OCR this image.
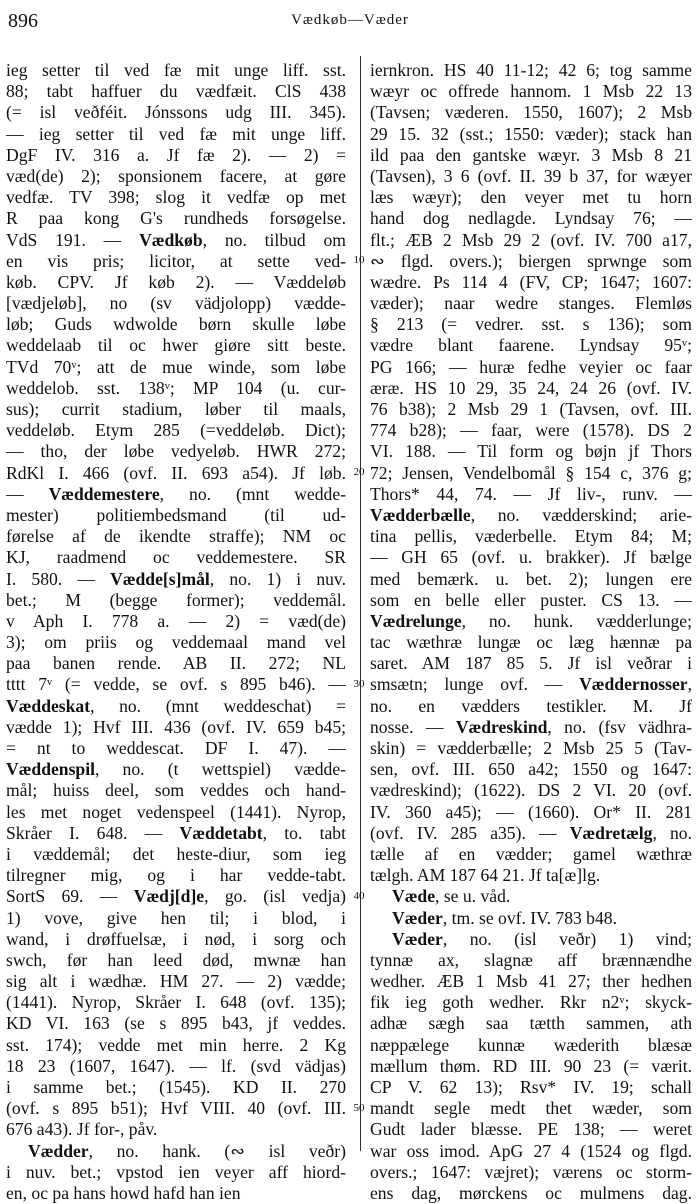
896	Vædkøb—Væder
10
20
30
40
50
ieg setter til ved fæ mit unge liff. sst.
88; tabt haffuer du vædfæit. ClS 438
(= isl veðféit. Jónssons udg III. 345).
— ieg setter til ved fæ mit unge liff.
DgF IV. 316 a. Jf fæ 2). — 2) =
væd(de) 2); sponsionem facere, at gøre
vedfæ. TV 398; slog it vedfæ op met
R paa kong G's rundheds forsøgelse.
VdS 191. — Vædkøb, no. tilbud om
en vis pris; licitor, at sette ved-
køb. CPV. Jf køb 2). — Væddeløb
[vædjeløb], no (sv vädjolopp) vædde-
løb; Guds wdwolde børn skulle løbe
weddelaab til oc hwer giøre sitt beste.
TVd 70ᵛ; att de mue winde, som løbe
weddelob. sst. 138ᵛ; MP 104 (u. cur-
sus); currit stadium, løber til maals,
veddeløb. Etym 285 (=veddeløb. Dict);
— tho, der løbe vedyeløb. HWR 272;
RdKl I. 466 (ovf. II. 693 a54). Jf løb.
— Væddemestere, no. (mnt wedde-
mester) politiembedsmand (til ud-
førelse af de ikendte straffe); NM oc
KJ, raadmend oc veddemestere. SR
I. 580. — Vædde[s]mål, no. 1) i nuv.
bet.; M (begge former); veddemål.
v Aph I. 778 a. — 2) = væd(de)
3); om priis og veddemaal mand vel
paa banen rende. AB II. 272; NL
tttt 7ᵛ (= vedde, se ovf. s 895 b46). —
Væddeskat, no. (mnt weddeschat) =
vædde 1); Hvf III. 436 (ovf. IV. 659 b45;
= nt to weddescat. DF I. 47). —
Væddenspil, no. (t wettspiel) vædde-
mål; huiss deel, som veddes och hand-
les met noget vedenspeel (1441). Nyrop,
Skråer I. 648. — Væddetabt, to. tabt
i væddemål; det heste-diur, som ieg
tilregner mig, og i har vedde-tabt.
SortS 69. — Vædj[d]e, go. (isl vedja)
1) vove, give hen til; i blod, i
wand, i drøffuelsæ, i nød, i sorg och
swch, før han leed død, mwnæ han
sig alt i wædhæ. HM 27. — 2) vædde;
(1441). Nyrop, Skråer I. 648 (ovf. 135);
KD VI. 163 (se s 895 b43, jf veddes.
sst. 174); vedde met min herre. 2 Kg
18 23 (1607, 1647). — lf. (svd vädjas)
i samme bet.; (1545). KD II. 270
(ovf. s 895 b51); Hvf VIII. 40 (ovf. III.
676 a43). Jf for-, påv.
Vædder, no. hank. (∾ isl veðr)
i nuv. bet.; vpstod ien veyer aff hiord-
en, oc pa hans howd hafd han ien
iernkron. HS 40 11-12; 42 6; tog samme
wæyr oc offrede hannom. 1 Msb 22 13
(Tavsen; væderen. 1550, 1607); 2 Msb
29 15. 32 (sst.; 1550: væder); stack han
ild paa den gantske wæyr. 3 Msb 8 21
(Tavsen), 3 6 (ovf. II. 39 b 37, for wæyer
læs wæyr); den veyer met tu horn
hand dog nedlagde. Lyndsay 76; —
flt.; ÆB 2 Msb 29 2 (ovf. IV. 700 a17,
∾ flgd. overs.); biergen sprwnge som
wædre. Ps 114 4 (FV, CP; 1647; 1607:
væder); naar wedre stanges. Flemløs
§ 213 (= vedrer. sst. s 136); som
vædre blant faarene. Lyndsay 95ᵛ;
PG 166; — huræ fedhe veyier oc faar
æræ. HS 10 29, 35 24, 24 26 (ovf. IV.
76 b38); 2 Msb 29 1 (Tavsen, ovf. III.
774 b28); — faar, were (1578). DS 2
VI. 188. — Til form og bøjn jf Thors
72; Jensen, Vendelbomål § 154 c, 376 g;
Thors* 44, 74. — Jf liv-, runv. —
Vædderbælle, no. vædderskind; arie-
tina pellis, væderbelle. Etym 84; M;
— GH 65 (ovf. u. brakker). Jf bælge
med bemærk. u. bet. 2); lungen ere
som en belle eller puster. CS 13. —
Vædrelunge, no. hunk. vædderlunge;
tac wæthræ lungæ oc læg hænnæ pa
saret. AM 187 85 5. Jf isl veðrar i
smsætn; lunge ovf. — Væddernosser,
no. en vædders testikler. M. Jf
nosse. — Vædreskind, no. (fsv vädhra-
skin) = vædderbælle; 2 Msb 25 5 (Tav-
sen, ovf. III. 650 a42; 1550 og 1647:
vædreskind); (1622). DS 2 VI. 20 (ovf.
IV. 360 a45); — (1660). Or* II. 281
(ovf. IV. 285 a35). — Vædretælg, no.
tælle af en vædder; gamel wæthræ
tælgh. AM 187 64 21. Jf ta[æ]lg.
Væde, se u. våd.
Væder, tm. se ovf. IV. 783 b48.
Væder, no. (isl veðr) 1) vind;
tynnæ ax, slagnæ aff brænnændhe
wedher. ÆB 1 Msb 41 27; ther hedhen
fik ieg goth wedher. Rkr n2ᵛ; skyck-
adhæ sægh saa tætth sammen, ath
næppælege kunnæ wæderith blæsæ
mællum thøm. RD III. 90 23 (= værit.
CP V. 62 13); Rsv* IV. 19; schall
mandt segle medt thet wæder, som
Gudt lader blæsse. PE 138; — weret
war oss imod. ApG 27 4 (1524 og flgd.
overs.; 1647: væjret); værens oc storm-
ens dag, mørckens oc mulmens dag.
